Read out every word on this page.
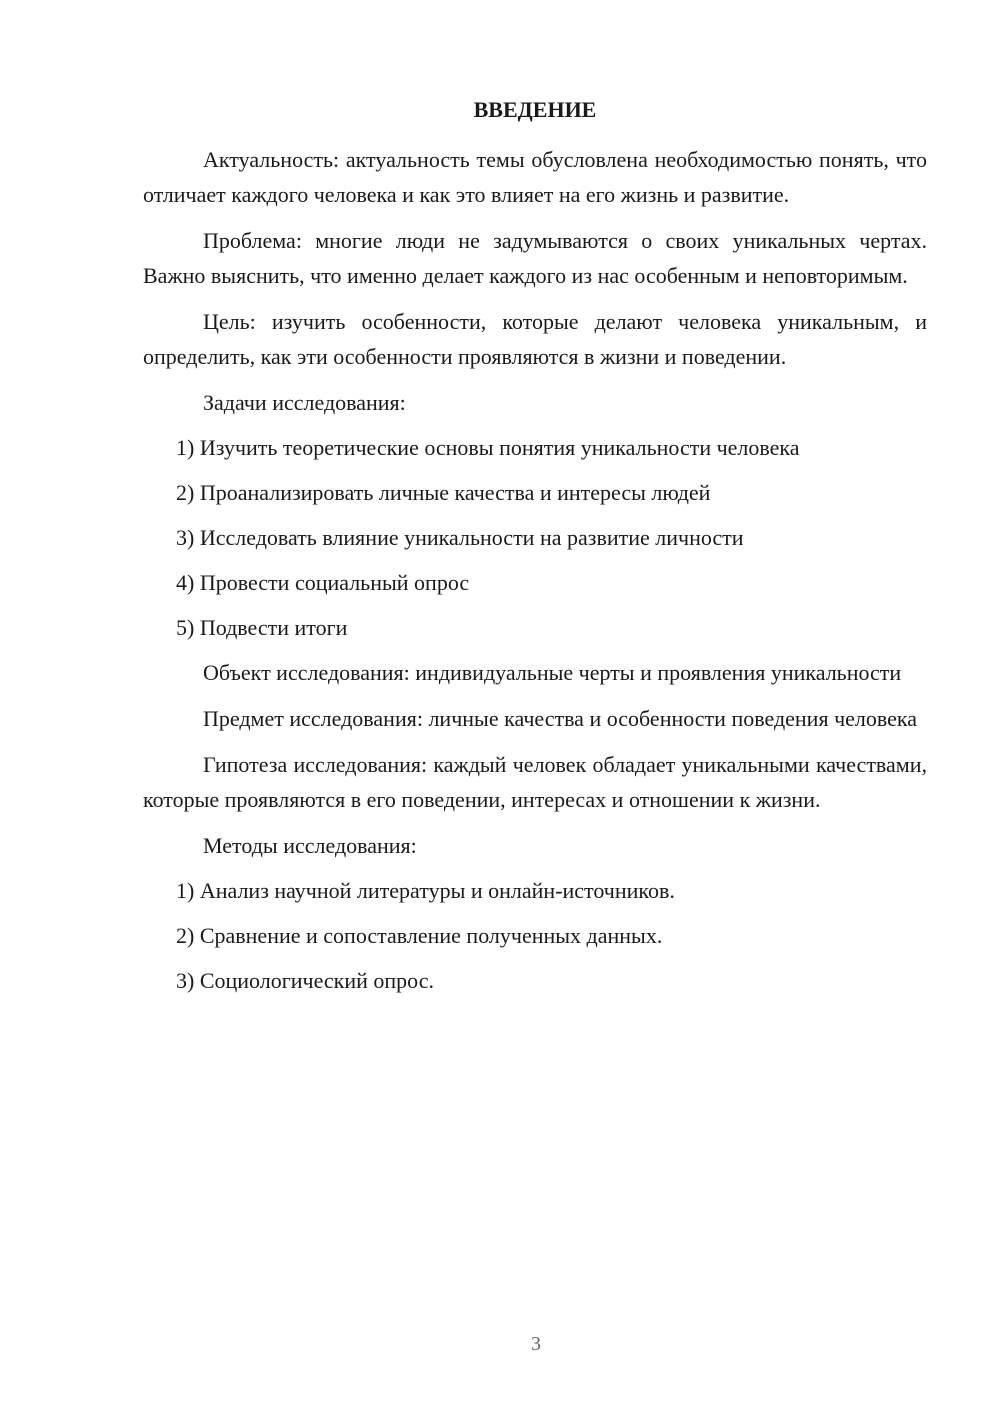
ВВЕДЕНИЕ

Актуальность: актуальность темы обусловлена необходимостью понять, что отличает каждого человека и как это влияет на его жизнь и развитие.

Проблема: многие люди не задумываются о своих уникальных чертах. Важно выяснить, что именно делает каждого из нас особенным и неповторимым.

Цель: изучить особенности, которые делают человека уникальным, и определить, как эти особенности проявляются в жизни и поведении.

Задачи исследования:
1) Изучить теоретические основы понятия уникальности человека
2) Проанализировать личные качества и интересы людей
3) Исследовать влияние уникальности на развитие личности
4) Провести социальный опрос
5) Подвести итоги

Объект исследования: индивидуальные черты и проявления уникальности

Предмет исследования: личные качества и особенности поведения человека

Гипотеза исследования: каждый человек обладает уникальными качествами, которые проявляются в его поведении, интересах и отношении к жизни.

Методы исследования:
1) Анализ научной литературы и онлайн-источников.
2) Сравнение и сопоставление полученных данных.
3) Социологический опрос.
3
